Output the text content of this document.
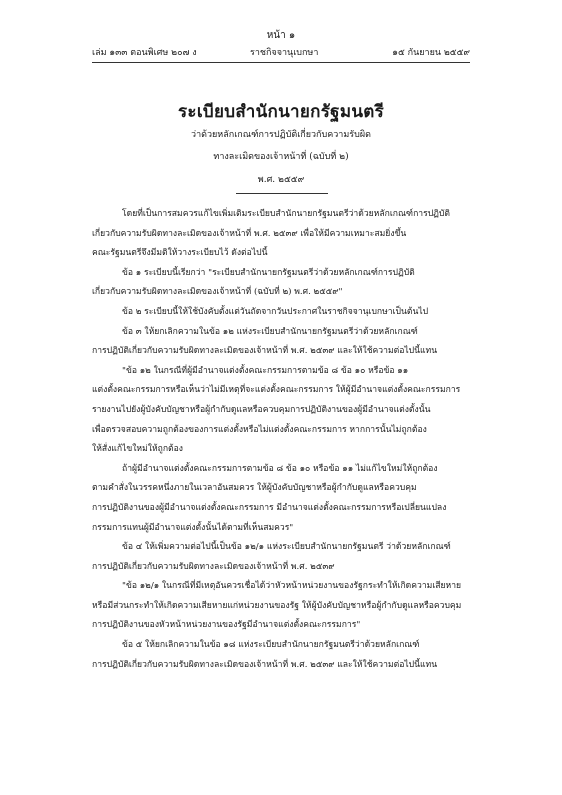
หน้า ๑
เล่ม ๑๓๓ ตอนพิเศษ ๒๐๗ ง	ราชกิจจานุเบกษา	๑๕ กันยายน ๒๕๕๙
ระเบียบสำนักนายกรัฐมนตรี
ว่าด้วยหลักเกณฑ์การปฏิบัติเกี่ยวกับความรับผิด
ทางละเมิดของเจ้าหน้าที่ (ฉบับที่ ๒)
พ.ศ. ๒๕๕๙

โดยที่เป็นการสมควรแก้ไขเพิ่มเติมระเบียบสำนักนายกรัฐมนตรีว่าด้วยหลักเกณฑ์การปฏิบัติ

เกี่ยวกับความรับผิดทางละเมิดของเจ้าหน้าที่ พ.ศ. ๒๕๓๙ เพื่อให้มีความเหมาะสมยิ่งขึ้น

คณะรัฐมนตรีจึงมีมติให้วางระเบียบไว้ ดังต่อไปนี้

ข้อ ๑ ระเบียบนี้เรียกว่า "ระเบียบสำนักนายกรัฐมนตรีว่าด้วยหลักเกณฑ์การปฏิบัติ

เกี่ยวกับความรับผิดทางละเมิดของเจ้าหน้าที่ (ฉบับที่ ๒) พ.ศ. ๒๕๕๙"

ข้อ ๒ ระเบียบนี้ให้ใช้บังคับตั้งแต่วันถัดจากวันประกาศในราชกิจจานุเบกษาเป็นต้นไป

ข้อ ๓ ให้ยกเลิกความในข้อ ๑๒ แห่งระเบียบสำนักนายกรัฐมนตรีว่าด้วยหลักเกณฑ์

การปฏิบัติเกี่ยวกับความรับผิดทางละเมิดของเจ้าหน้าที่ พ.ศ. ๒๕๓๙ และให้ใช้ความต่อไปนี้แทน

"ข้อ ๑๒ ในกรณีที่ผู้มีอำนาจแต่งตั้งคณะกรรมการตามข้อ ๘ ข้อ ๑๐ หรือข้อ ๑๑

แต่งตั้งคณะกรรมการหรือเห็นว่าไม่มีเหตุที่จะแต่งตั้งคณะกรรมการ ให้ผู้มีอำนาจแต่งตั้งคณะกรรมการ

รายงานไปยังผู้บังคับบัญชาหรือผู้กำกับดูแลหรือควบคุมการปฏิบัติงานของผู้มีอำนาจแต่งตั้งนั้น

เพื่อตรวจสอบความถูกต้องของการแต่งตั้งหรือไม่แต่งตั้งคณะกรรมการ หากการนั้นไม่ถูกต้อง

ให้สั่งแก้ไขใหม่ให้ถูกต้อง

ถ้าผู้มีอำนาจแต่งตั้งคณะกรรมการตามข้อ ๘ ข้อ ๑๐ หรือข้อ ๑๑ ไม่แก้ไขใหม่ให้ถูกต้อง

ตามคำสั่งในวรรคหนึ่งภายในเวลาอันสมควร ให้ผู้บังคับบัญชาหรือผู้กำกับดูแลหรือควบคุม

การปฏิบัติงานของผู้มีอำนาจแต่งตั้งคณะกรรมการ มีอำนาจแต่งตั้งคณะกรรมการหรือเปลี่ยนแปลง

กรรมการแทนผู้มีอำนาจแต่งตั้งนั้นได้ตามที่เห็นสมควร"

ข้อ ๔ ให้เพิ่มความต่อไปนี้เป็นข้อ ๑๒/๑ แห่งระเบียบสำนักนายกรัฐมนตรี ว่าด้วยหลักเกณฑ์

การปฏิบัติเกี่ยวกับความรับผิดทางละเมิดของเจ้าหน้าที่ พ.ศ. ๒๕๓๙

"ข้อ ๑๒/๑ ในกรณีที่มีเหตุอันควรเชื่อได้ว่าหัวหน้าหน่วยงานของรัฐกระทำให้เกิดความเสียหาย

หรือมีส่วนกระทำให้เกิดความเสียหายแก่หน่วยงานของรัฐ ให้ผู้บังคับบัญชาหรือผู้กำกับดูแลหรือควบคุม

การปฏิบัติงานของหัวหน้าหน่วยงานของรัฐมีอำนาจแต่งตั้งคณะกรรมการ"

ข้อ ๕ ให้ยกเลิกความในข้อ ๑๘ แห่งระเบียบสำนักนายกรัฐมนตรีว่าด้วยหลักเกณฑ์

การปฏิบัติเกี่ยวกับความรับผิดทางละเมิดของเจ้าหน้าที่ พ.ศ. ๒๕๓๙ และให้ใช้ความต่อไปนี้แทน
